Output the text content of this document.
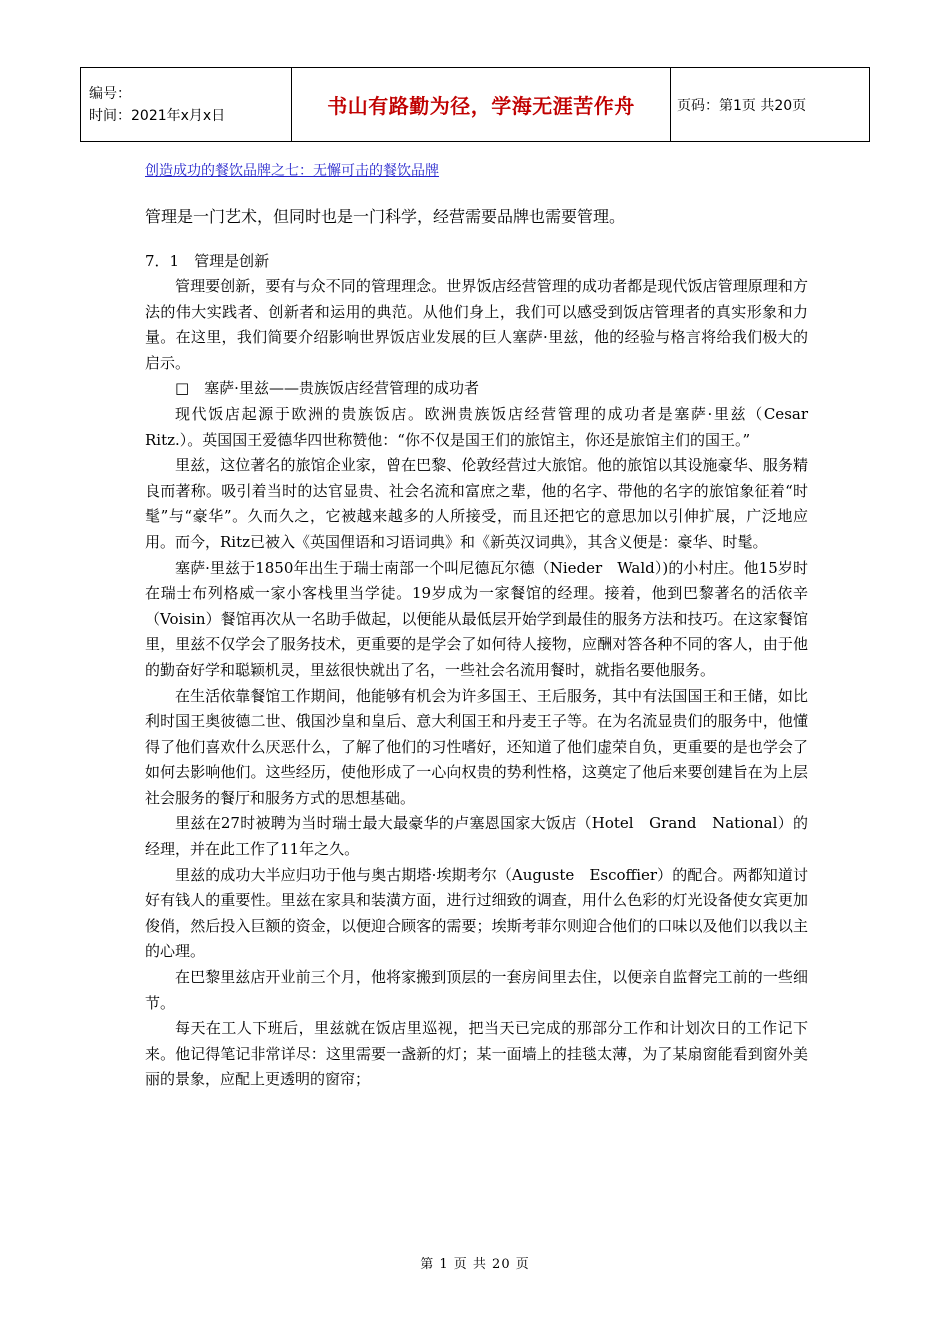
编号：
时间：2021年x月x日	书山有路勤为径，学海无涯苦作舟	页码：第1页 共20页
创造成功的餐饮品牌之七：无懈可击的餐饮品牌
管理是一门艺术，但同时也是一门科学，经营需要品牌也需要管理。
7．1　管理是创新

管理要创新，要有与众不同的管理理念。世界饭店经营管理的成功者都是现代饭店管理原理和方法的伟大实践者、创新者和运用的典范。从他们身上，我们可以感受到饭店管理者的真实形象和力量。在这里，我们简要介绍影响世界饭店业发展的巨人塞萨·里兹，他的经验与格言将给我们极大的启示。

□　塞萨·里兹——贵族饭店经营管理的成功者

现代饭店起源于欧洲的贵族饭店。欧洲贵族饭店经营管理的成功者是塞萨·里兹（Cesar　Ritz.）。英国国王爱德华四世称赞他：“你不仅是国王们的旅馆主，你还是旅馆主们的国王。”

里兹，这位著名的旅馆企业家，曾在巴黎、伦敦经营过大旅馆。他的旅馆以其设施豪华、服务精良而著称。吸引着当时的达官显贵、社会名流和富庶之辈，他的名字、带他的名字的旅馆象征着“时髦”与“豪华”。久而久之，它被越来越多的人所接受，而且还把它的意思加以引伸扩展，广泛地应用。而今，Ritz已被入《英国俚语和习语词典》和《新英汉词典》，其含义便是：豪华、时髦。

塞萨·里兹于1850年出生于瑞士南部一个叫尼德瓦尔德（Nieder　Wald）)的小村庄。他15岁时在瑞士布列格威一家小客栈里当学徒。19岁成为一家餐馆的经理。接着，他到巴黎著名的活依辛（Voisin）餐馆再次从一名助手做起，以便能从最低层开始学到最佳的服务方法和技巧。在这家餐馆里，里兹不仅学会了服务技术，更重要的是学会了如何待人接物，应酬对答各种不同的客人，由于他的勤奋好学和聪颖机灵，里兹很快就出了名，一些社会名流用餐时，就指名要他服务。

在生活依靠餐馆工作期间，他能够有机会为许多国王、王后服务，其中有法国国王和王储，如比利时国王奥彼德二世、俄国沙皇和皇后、意大利国王和丹麦王子等。在为名流显贵们的服务中，他懂得了他们喜欢什么厌恶什么，了解了他们的习性嗜好，还知道了他们虚荣自负，更重要的是也学会了如何去影响他们。这些经历，使他形成了一心向权贵的势利性格，这奠定了他后来要创建旨在为上层社会服务的餐厅和服务方式的思想基础。

里兹在27时被聘为当时瑞士最大最豪华的卢塞恩国家大饭店（Hotel　Grand　National）的经理，并在此工作了11年之久。

里兹的成功大半应归功于他与奥古期塔·埃期考尔（Auguste　Escoffier）的配合。两都知道讨好有钱人的重要性。里兹在家具和装潢方面，进行过细致的调查，用什么色彩的灯光设备使女宾更加俊俏，然后投入巨额的资金，以便迎合顾客的需要；埃斯考菲尔则迎合他们的口味以及他们以我以主的心理。

在巴黎里兹店开业前三个月，他将家搬到顶层的一套房间里去住，以便亲自监督完工前的一些细节。

每天在工人下班后，里兹就在饭店里巡视，把当天已完成的那部分工作和计划次日的工作记下来。他记得笔记非常详尽：这里需要一盏新的灯；某一面墙上的挂毯太薄，为了某扇窗能看到窗外美丽的景象，应配上更透明的窗帘；

第 1 页 共 20 页
